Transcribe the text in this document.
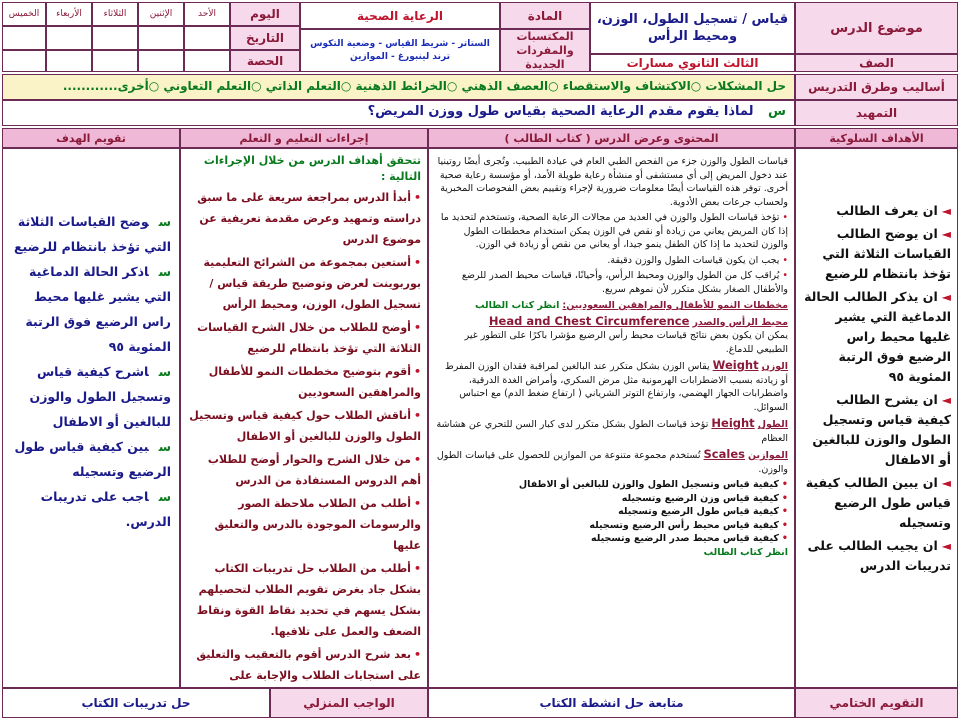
موضوع الدرس
قياس / تسجيل الطول، الوزن، ومحيط الرأس
المادة
الرعاية الصحية
اليوم
التاريخ
الحصة
الأحد
الإثنين
الثلاثاء
الأربعاء
الخميس
الصف
الثالث الثانوي مسارات
المكتسبات والمفردات الجديدة
الستاتر - شريط القياس - وضعية التكوس ترند لينبورغ - الموازين
أساليب وطرق التدريس
حل المشكلات ○الاكتشاف والاستقصاء ○العصف الذهني ○الخرائط الذهنية ○التعلم الذاتي ○التعلم التعاوني ○أخرى............
التمهيد
س لماذا يقوم مقدم الرعاية الصحية بقياس طول ووزن المريض؟
الأهداف السلوكية
المحتوى وعرض الدرس ( كتاب الطالب )
إجراءات التعليم و التعلم
تقويم الهدف
◄ ان يعرف الطالب
◄ ان يوضح الطالب القياسات الثلاثة التي تؤخذ بانتظام للرضيع
◄ ان يذكر الطالب الحالة الدماغية التي يشير غليها محيط راس الرضيع فوق الرتبة المئوية ٩٥
◄ ان يشرح الطالب كيفية قياس وتسجيل الطول والوزن للبالغين أو الاطفال
◄ ان يبين الطالب كيفية قياس طول الرضيع وتسجيله
◄ ان يجيب الطالب على تدريبات الدرس

قياسات الطول والوزن جزء من الفحص الطبي العام في عيادة الطبيب. وتُجرى أيضًا روتينيا عند دخول المريض إلى أي مستشفى أو منشأة رعاية طويلة الأمد، أو مؤسسة رعاية صحية أخرى. توفر هذه القياسات أيضًا معلومات ضرورية لإجراء وتقييم بعض الفحوصات المخبرية ولحساب جرعات بعض الأدوية.

• تؤخذ قياسات الطول والوزن في العديد من مجالات الرعاية الصحية، وتستخدم لتحديد ما إذا كان المريض يعاني من زيادة أو نقص في الوزن يمكن استخدام مخططات الطول والوزن لتحديد ما إذا كان الطفل ينمو جيدا، أو يعاني من نقص أو زيادة في الوزن.

• يجب ان يكون قياسات الطول والوزن دقيقة.

• يُراقب كل من الطول والوزن ومحيط الرأس، وأحيانًا، قياسات محيط الصدر للرضع والأطفال الصغار بشكل متكرر لأن نموهم سريع.

مخططات النمو للأطفال والمراهقين السعوديين: انظر كتاب الطالب

محيط الرأس والصدر Head and Chest Circumference

يمكن ان يكون بعض نتائج قياسات محيط رأس الرضيع مؤشرا باكرًا على التطور غير الطبيعي للدماغ.

الوزن Weight يقاس الوزن بشكل متكرر عند البالغين لمراقبة فقدان الوزن المفرط أو زيادته بسبب الاضطرابات الهرمونية مثل مرض السكري، وأمراض الغدة الدرقية، واضطرابات الجهاز الهضمي، وارتفاع التوتر الشرياني ( ارتفاع ضغط الدم) مع احتباس السوائل.

الطول Height تؤخذ قياسات الطول بشكل متكرر لدى كبار السن للتحري عن هشاشة العظام

الموازين Scales تُستخدم مجموعة متنوعة من الموازين للحصول على قياسات الطول والوزن.

• كيفية قياس وتسجيل الطول والوزن للبالغين أو الاطفال
• كيفية قياس وزن الرضيع وتسجيله
• كيفية قياس طول الرضيع وتسجيله
• كيفية قياس محيط رأس الرضيع وتسجيله
• كيفية قياس محيط صدر الرضيع وتسجيله

انظر كتاب الطالب

تتحقق أهداف الدرس من خلال الإجراءات التالية :

• أبدأ الدرس بمراجعة سريعة على ما سبق دراسته وتمهيد وعرض مقدمة تعريفية عن موضوع الدرس

• أستعين بمجموعة من الشرائح التعليمية بوربوينت لعرض وتوضيح طريقة قياس / تسجيل الطول، الوزن، ومحيط الرأس

• أوضح للطلاب من خلال الشرح القياسات الثلاثة التي تؤخذ بانتظام للرضيع

• أقوم بتوضيح مخططات النمو للأطفال والمراهقين السعوديين

• أناقش الطلاب حول كيفية قياس وتسجيل الطول والوزن للبالغين أو الاطفال

• من خلال الشرح والحوار أوضح للطلاب أهم الدروس المستفادة من الدرس

• أطلب من الطلاب ملاحظة الصور والرسومات الموجودة بالدرس والتعليق عليها

• أطلب من الطلاب حل تدريبات الكتاب بشكل جاد بغرض تقويم الطلاب لتحصيلهم بشكل يسهم في تحديد نقاط القوة ونقاط الضعف والعمل على تلافيها.

• بعد شرح الدرس أقوم بالتعقيب والتعليق على استجابات الطلاب والإجابة على

سوضح القياسات الثلاثة التي تؤخذ بانتظام للرضيع
ساذكر الحالة الدماغية التي يشير غليها محيط راس الرضيع فوق الرتبة المئوية ٩٥
ساشرح كيفية قياس وتسجيل الطول والوزن للبالغين أو الاطفال
سبين كيفية قياس طول الرضيع وتسجيله
ساجب على تدريبات الدرس.
التقويم الختامي
متابعة حل انشطة الكتاب
الواجب المنزلي
حل تدريبات الكتاب
